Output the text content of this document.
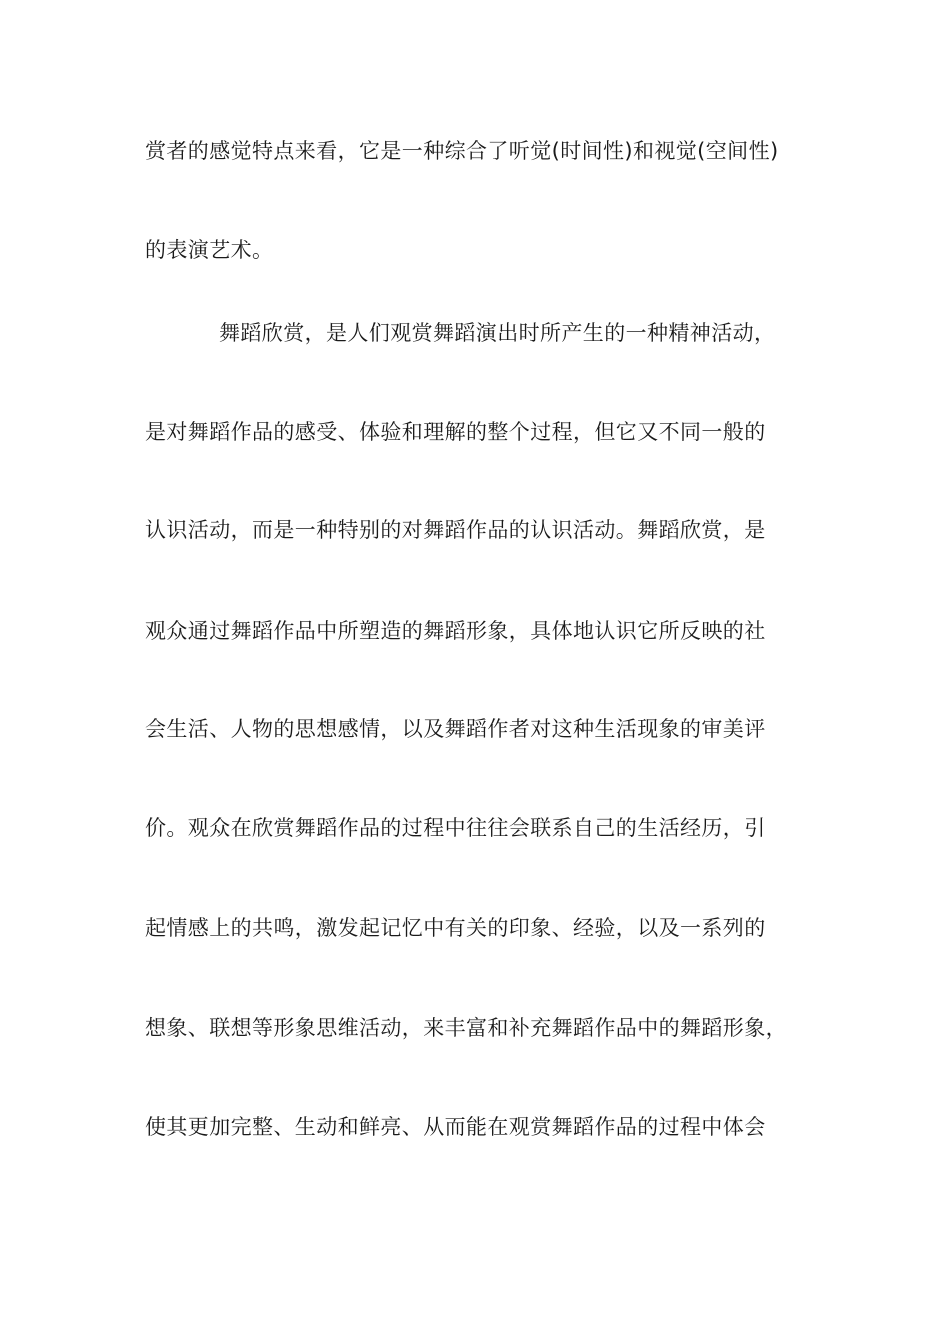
赏者的感觉特点来看，它是一种综合了听觉(时间性)和视觉(空间性)
的表演艺术。
舞蹈欣赏，是人们观赏舞蹈演出时所产生的一种精神活动，
是对舞蹈作品的感受、体验和理解的整个过程，但它又不同一般的
认识活动，而是一种特别的对舞蹈作品的认识活动。舞蹈欣赏，是
观众通过舞蹈作品中所塑造的舞蹈形象，具体地认识它所反映的社
会生活、人物的思想感情，以及舞蹈作者对这种生活现象的审美评
价。观众在欣赏舞蹈作品的过程中往往会联系自己的生活经历，引
起情感上的共鸣，激发起记忆中有关的印象、经验，以及一系列的
想象、联想等形象思维活动，来丰富和补充舞蹈作品中的舞蹈形象，
使其更加完整、生动和鲜亮、从而能在观赏舞蹈作品的过程中体会
